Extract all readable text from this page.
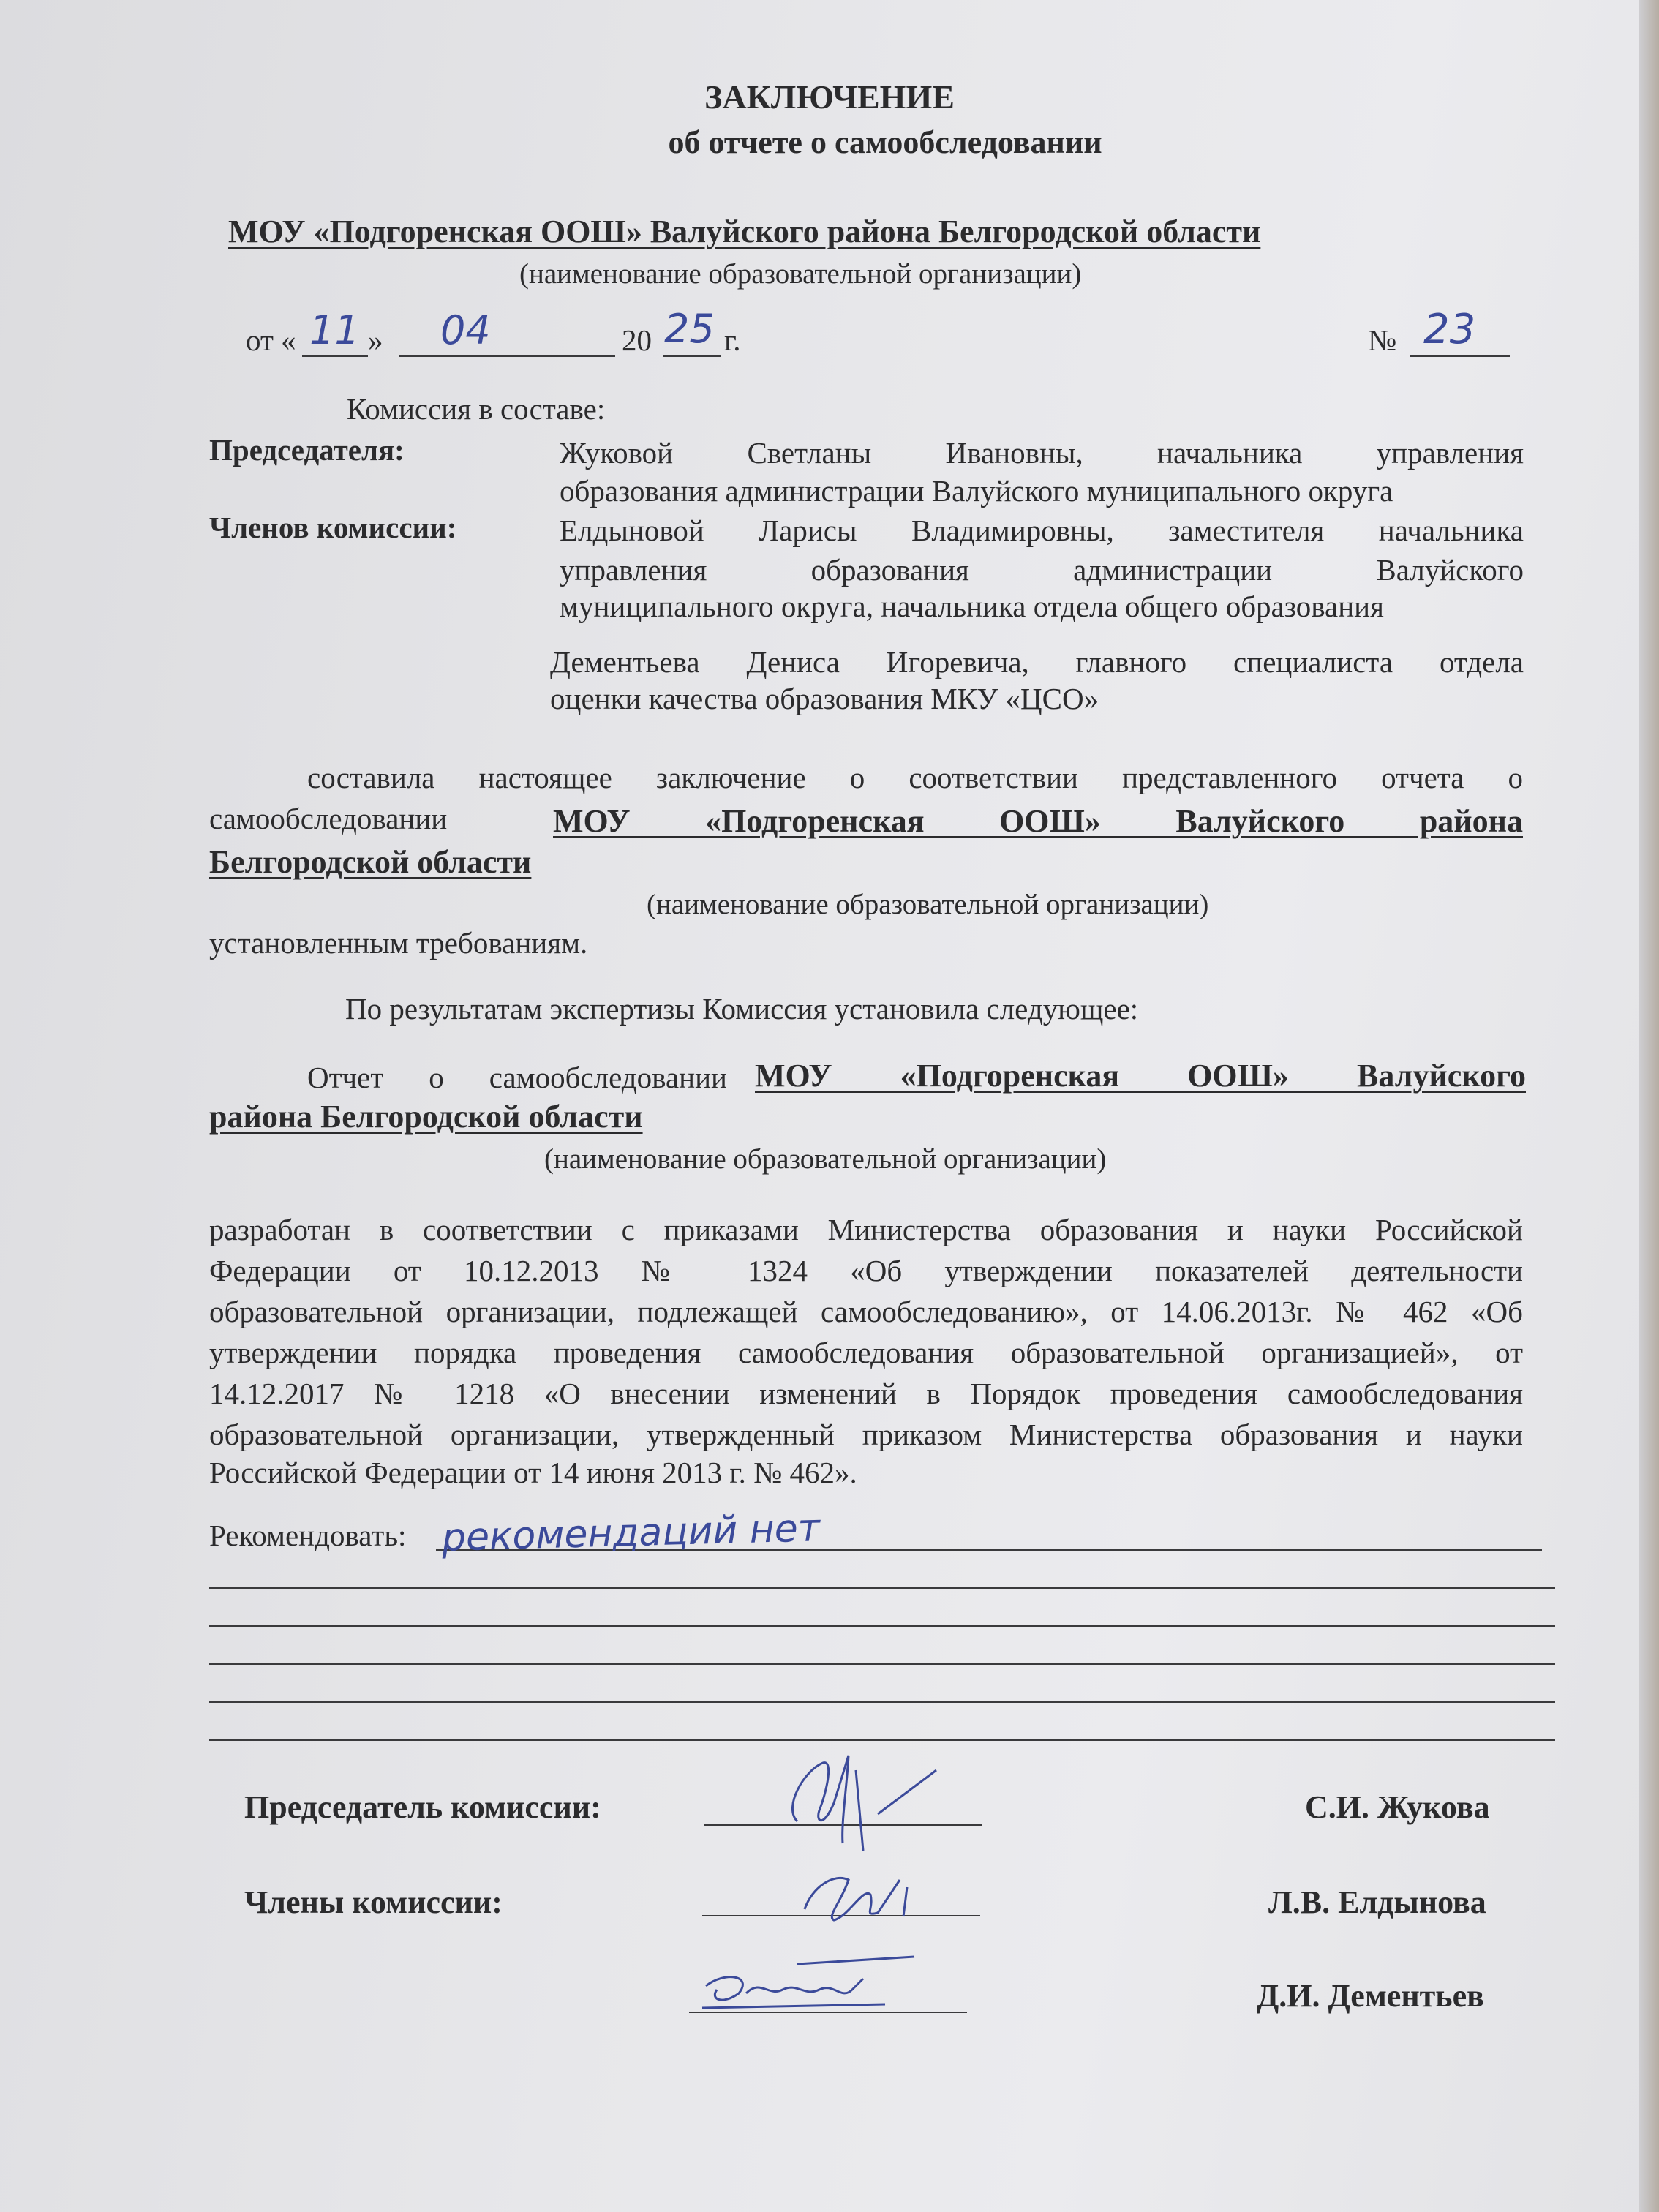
ЗАКЛЮЧЕНИЕ
об отчете о самообследовании
МОУ «Подгоренская ООШ» Валуйского района Белгородской области
(наименование образовательной организации)
от « 11 » 04	20 25 г.	№ 23
Комиссия в составе:
Председателя:	Жуковой Светланы Ивановны, начальника управления
образования администрации Валуйского муниципального округа
Членов комиссии:	Елдыновой Ларисы Владимировны, заместителя начальника
управления образования администрации Валуйского
муниципального округа, начальника отдела общего образования
Дементьева Дениса Игоревича, главного специалиста отдела
оценки качества образования МКУ «ЦСО»
составила настоящее заключение о соответствии представленного отчета о
самообследовании	МОУ «Подгоренская ООШ» Валуйского района
Белгородской области
(наименование образовательной организации)
установленным требованиям.
По результатам экспертизы Комиссия установила следующее:
Отчет о самообследовании МОУ «Подгоренская ООШ» Валуйского
района Белгородской области
(наименование образовательной организации)
разработан в соответствии с приказами Министерства образования и науки Российской
Федерации от 10.12.2013 № 1324 «Об утверждении показателей деятельности
образовательной организации, подлежащей самообследованию», от 14.06.2013г. № 462 «Об
утверждении порядка проведения самообследования образовательной организацией», от
14.12.2017 № 1218 «О внесении изменений в Порядок проведения самообследования
образовательной организации, утвержденный приказом Министерства образования и науки
Российской Федерации от 14 июня 2013 г. № 462».
Рекомендовать: рекомендаций нет
Председатель комиссии:	С.И. Жукова
Члены комиссии:	Л.В. Елдынова
Д.И. Дементьев
